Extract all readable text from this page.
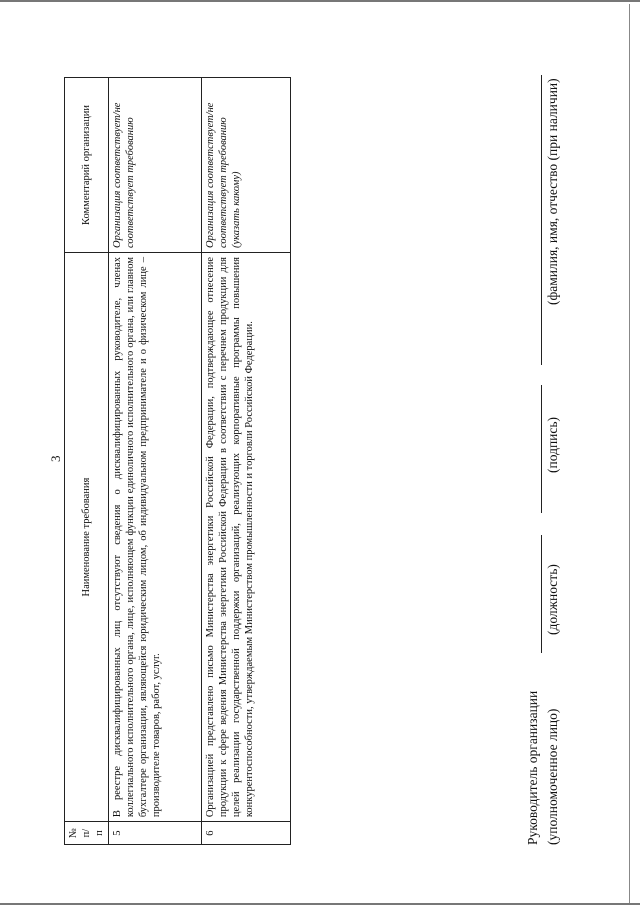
3
№ п/п	Наименование требования	Комментарий организации
5	В реестре дисквалифицированных лиц отсутствуют сведения о дисквалифицированных руководителе, членах коллегиального исполнительного органа, лице, исполняющем функции единоличного исполнительного органа, или главном бухгалтере организации, являющейся юридическим лицом, об индивидуальном предпринимателе и о физическом лице – производителе товаров, работ, услуг.	Организация соответствует/не соответствует требованию
6	Организацией представлено письмо Министерства энергетики Российской Федерации, подтверждающее отнесение продукции к сфере ведения Министерства энергетики Российской Федерации в соответствии с перечнем продукции для целей реализации государственной поддержки организаций, реализующих корпоративные программы повышения конкурентоспособности, утверждаемым Министерством промышленности и торговли Российской Федерации.	Организация соответствует/не соответствует требованию (указать какому)
Руководитель организации (уполномоченное лицо)
(должность)
(подпись)
(фамилия, имя, отчество (при наличии)
